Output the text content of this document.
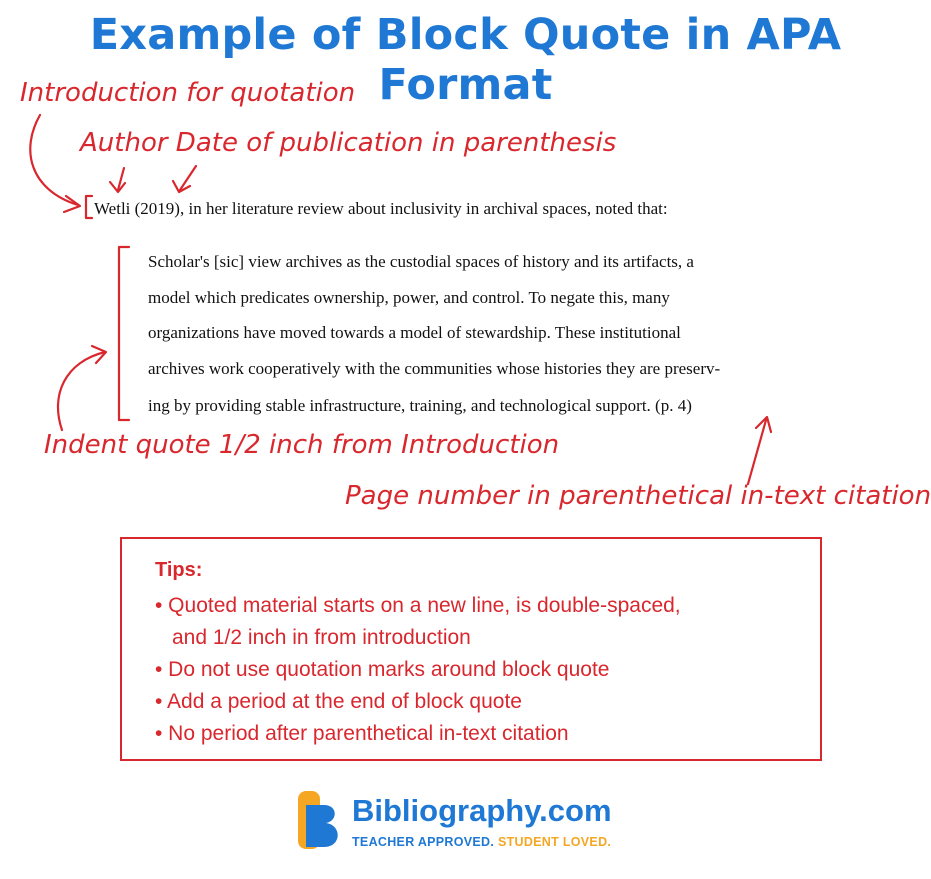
Example of Block Quote in APA Format
Introduction for quotation
Author Date of publication in parenthesis
Indent quote 1/2 inch from Introduction
Page number in parenthetical in-text citation
Wetli (2019), in her literature review about inclusivity in archival spaces, noted that:
Scholar's [sic] view archives as the custodial spaces of history and its artifacts, a
model which predicates ownership, power, and control. To negate this, many
organizations have moved towards a model of stewardship. These institutional
archives work cooperatively with the communities whose histories they are preserv-
ing by providing stable infrastructure, training, and technological support. (p. 4)
Tips:
• Quoted material starts on a new line, is double-spaced,
and 1/2 inch in from introduction
• Do not use quotation marks around block quote
• Add a period at the end of block quote
• No period after parenthetical in-text citation
Bibliography.com
TEACHER APPROVED. STUDENT LOVED.
